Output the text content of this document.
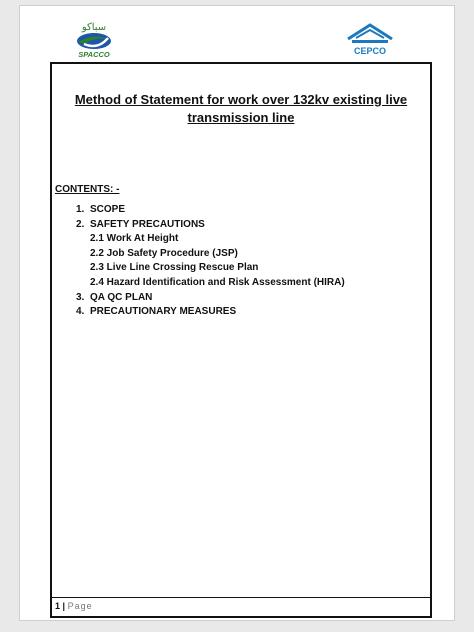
سباكو
SPACCO	CEPCO
Method of Statement for work over 132kv existing live
transmission line
CONTENTS: -
1. SCOPE
2. SAFETY PRECAUTIONS
2.1 Work At Height
2.2 Job Safety Procedure (JSP)
2.3 Live Line Crossing Rescue Plan
2.4 Hazard Identification and Risk Assessment (HIRA)
3. QA QC PLAN
4. PRECAUTIONARY MEASURES
1 | Page
